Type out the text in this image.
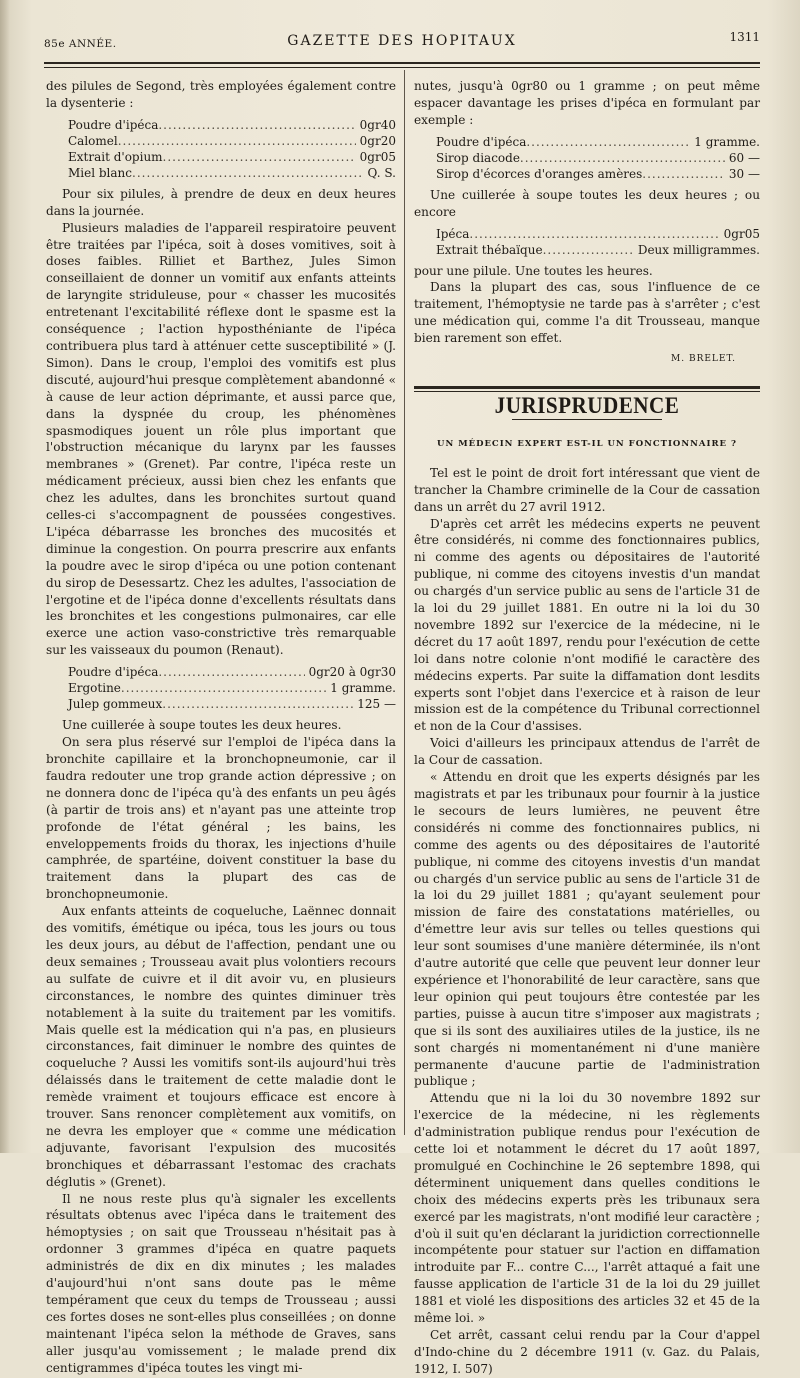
85e ANNÉE.	GAZETTE DES HOPITAUX	1311

des pilules de Segond, très employées également contre la dysenterie :

Poudre d'ipéca .....	0gr40
Calomel .....	0gr20
Extrait d'opium .....	0gr05
Miel blanc .....	Q. S.

Pour six pilules, à prendre de deux en deux heures dans la journée.

Plusieurs maladies de l'appareil respiratoire peuvent être traitées par l'ipéca, soit à doses vomitives, soit à doses faibles. Rilliet et Barthez, Jules Simon conseillaient de donner un vomitif aux enfants atteints de laryngite striduleuse, pour « chasser les mucosités entretenant l'excitabilité réflexe dont le spasme est la conséquence ; l'action hyposthéniante de l'ipéca contribuera plus tard à atténuer cette susceptibilité » (J. Simon). Dans le croup, l'emploi des vomitifs est plus discuté, aujourd'hui presque complètement abandonné « à cause de leur action déprimante, et aussi parce que, dans la dyspnée du croup, les phénomènes spasmodiques jouent un rôle plus important que l'obstruction mécanique du larynx par les fausses membranes » (Grenet). Par contre, l'ipéca reste un médicament précieux, aussi bien chez les enfants que chez les adultes, dans les bronchites surtout quand celles-ci s'accompagnent de poussées congestives. L'ipéca débarrasse les bronches des mucosités et diminue la congestion. On pourra prescrire aux enfants la poudre avec le sirop d'ipéca ou une potion contenant du sirop de Desessartz. Chez les adultes, l'association de l'ergotine et de l'ipéca donne d'excellents résultats dans les bronchites et les congestions pulmonaires, car elle exerce une action vaso-constrictive très remarquable sur les vaisseaux du poumon (Renaut).

Poudre d'ipéca .....	0gr20 à 0gr30
Ergotine .....	1 gramme.
Julep gommeux .....	125 —

Une cuillerée à soupe toutes les deux heures.

On sera plus réservé sur l'emploi de l'ipéca dans la bronchite capillaire et la bronchopneumonie, car il faudra redouter une trop grande action dépressive ; on ne donnera donc de l'ipéca qu'à des enfants un peu âgés (à partir de trois ans) et n'ayant pas une atteinte trop profonde de l'état général ; les bains, les enveloppements froids du thorax, les injections d'huile camphrée, de spartéine, doivent constituer la base du traitement dans la plupart des cas de bronchopneumonie.

Aux enfants atteints de coqueluche, Laënnec donnait des vomitifs, émétique ou ipéca, tous les jours ou tous les deux jours, au début de l'affection, pendant une ou deux semaines ; Trousseau avait plus volontiers recours au sulfate de cuivre et il dit avoir vu, en plusieurs circonstances, le nombre des quintes diminuer très notablement à la suite du traitement par les vomitifs. Mais quelle est la médication qui n'a pas, en plusieurs circonstances, fait diminuer le nombre des quintes de coqueluche ? Aussi les vomitifs sont-ils aujourd'hui très délaissés dans le traitement de cette maladie dont le remède vraiment et toujours efficace est encore à trouver. Sans renoncer complètement aux vomitifs, on ne devra les employer que « comme une médication adjuvante, favorisant l'expulsion des mucosités bronchiques et débarrassant l'estomac des crachats déglutis » (Grenet).

Il ne nous reste plus qu'à signaler les excellents résultats obtenus avec l'ipéca dans le traitement des hémoptysies ; on sait que Trousseau n'hésitait pas à ordonner 3 grammes d'ipéca en quatre paquets administrés de dix en dix minutes ; les malades d'aujourd'hui n'ont sans doute pas le même tempérament que ceux du temps de Trousseau ; aussi ces fortes doses ne sont-elles plus conseillées ; on donne maintenant l'ipéca selon la méthode de Graves, sans aller jusqu'au vomissement ; le malade prend dix centigrammes d'ipéca toutes les vingt mi-

nutes, jusqu'à 0gr80 ou 1 gramme ; on peut même espacer davantage les prises d'ipéca en formulant par exemple :

Poudre d'ipéca .....	1 gramme.
Sirop diacode .....	60 —
Sirop d'écorces d'oranges amères .....	30 —

Une cuillerée à soupe toutes les deux heures ; ou encore

Ipéca .....	0gr05
Extrait thébaïque .....	Deux milligrammes.

pour une pilule. Une toutes les heures.

Dans la plupart des cas, sous l'influence de ce traitement, l'hémoptysie ne tarde pas à s'arrêter ; c'est une médication qui, comme l'a dit Trousseau, manque bien rarement son effet.

M. BRELET.
JURISPRUDENCE
UN MÉDECIN EXPERT EST-IL UN FONCTIONNAIRE ?

Tel est le point de droit fort intéressant que vient de trancher la Chambre criminelle de la Cour de cassation dans un arrêt du 27 avril 1912.

D'après cet arrêt les médecins experts ne peuvent être considérés, ni comme des fonctionnaires publics, ni comme des agents ou dépositaires de l'autorité publique, ni comme des citoyens investis d'un mandat ou chargés d'un service public au sens de l'article 31 de la loi du 29 juillet 1881. En outre ni la loi du 30 novembre 1892 sur l'exercice de la médecine, ni le décret du 17 août 1897, rendu pour l'exécution de cette loi dans notre colonie n'ont modifié le caractère des médecins experts. Par suite la diffamation dont lesdits experts sont l'objet dans l'exercice et à raison de leur mission est de la compétence du Tribunal correctionnel et non de la Cour d'assises.

Voici d'ailleurs les principaux attendus de l'arrêt de la Cour de cassation.

« Attendu en droit que les experts désignés par les magistrats et par les tribunaux pour fournir à la justice le secours de leurs lumières, ne peuvent être considérés ni comme des fonctionnaires publics, ni comme des agents ou des dépositaires de l'autorité publique, ni comme des citoyens investis d'un mandat ou chargés d'un service public au sens de l'article 31 de la loi du 29 juillet 1881 ; qu'ayant seulement pour mission de faire des constatations matérielles, ou d'émettre leur avis sur telles ou telles questions qui leur sont soumises d'une manière déterminée, ils n'ont d'autre autorité que celle que peuvent leur donner leur expérience et l'honorabilité de leur caractère, sans que leur opinion qui peut toujours être contestée par les parties, puisse à aucun titre s'imposer aux magistrats ; que si ils sont des auxiliaires utiles de la justice, ils ne sont chargés ni momentanément ni d'une manière permanente d'aucune partie de l'administration publique ;

Attendu que ni la loi du 30 novembre 1892 sur l'exercice de la médecine, ni les règlements d'administration publique rendus pour l'exécution de cette loi et notamment le décret du 17 août 1897, promulgué en Cochinchine le 26 septembre 1898, qui déterminent uniquement dans quelles conditions le choix des médecins experts près les tribunaux sera exercé par les magistrats, n'ont modifié leur caractère ; d'où il suit qu'en déclarant la juridiction correctionnelle incompétente pour statuer sur l'action en diffamation introduite par F... contre C..., l'arrêt attaqué a fait une fausse application de l'article 31 de la loi du 29 juillet 1881 et violé les dispositions des articles 32 et 45 de la même loi. »

Cet arrêt, cassant celui rendu par la Cour d'appel d'Indo-chine du 2 décembre 1911 (v. Gaz. du Palais, 1912, I. 507)
